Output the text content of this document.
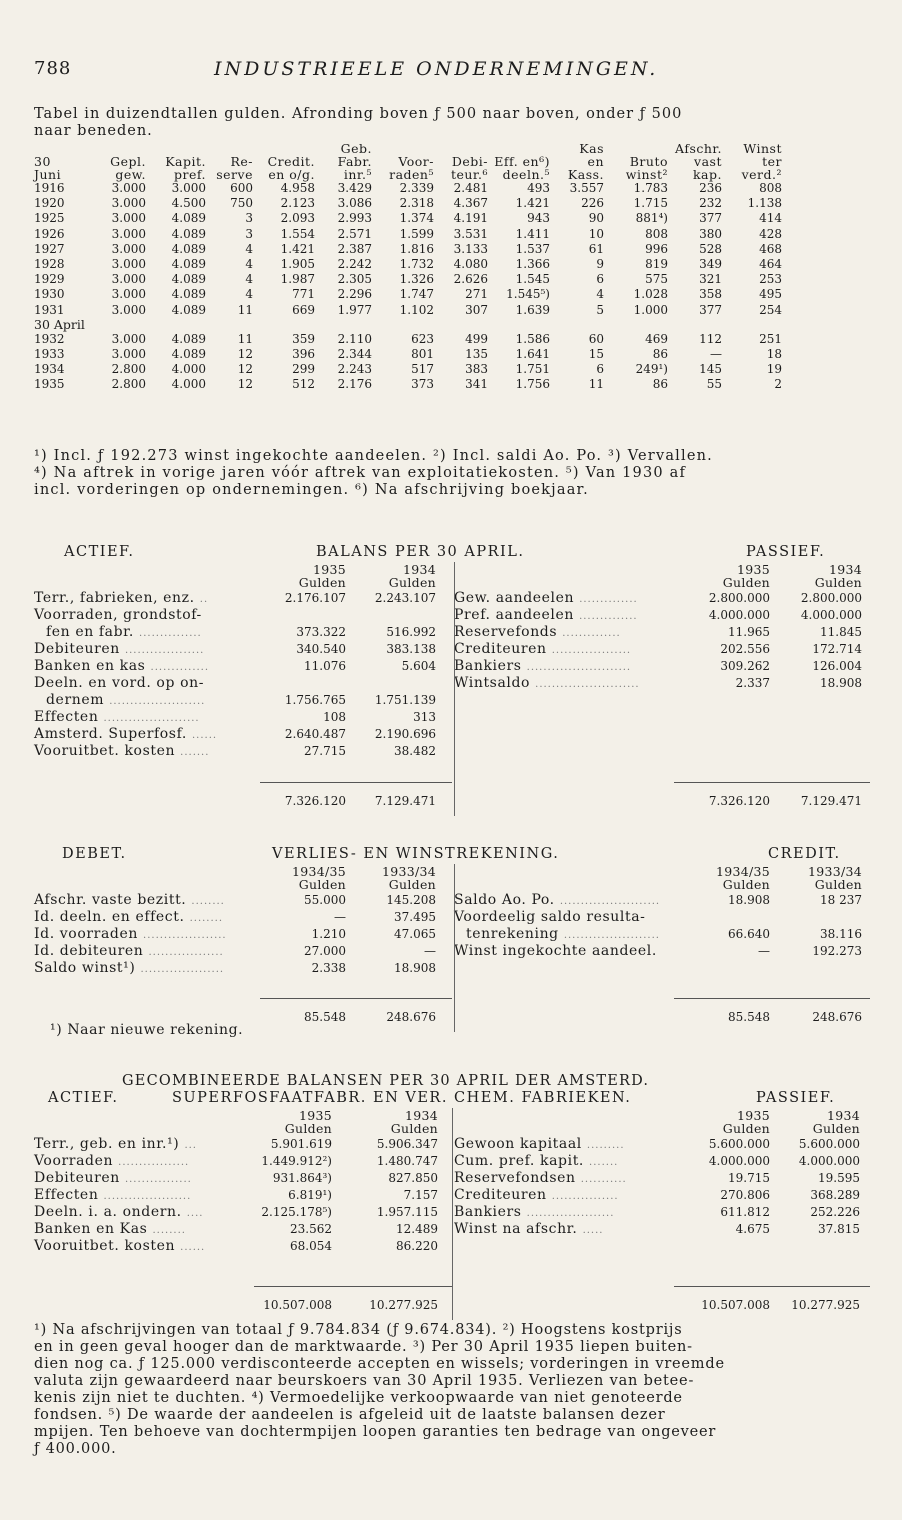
788	INDUSTRIEELE ONDERNEMINGEN.
Tabel in duizendtallen gulden. Afronding boven ƒ 500 naar boven, onder ƒ 500
naar beneden.
Geb.	Kas	Afschr.	Winst
30	Gepl.	Kapit.	Re-	Credit.	Fabr.	Voor-	Debi- Eff. en⁶)	en	Bruto	vast	ter
Juni	gew.	pref. serve	en o/g.	inr.⁵	raden⁵	teur.⁶	deeln.⁵	Kass.	winst²	kap.	verd.²
1916	3.000	3.000	600	4.958	3.429	2.339	2.481	493	3.557	1.783	236	808
1920	3.000	4.500	750	2.123	3.086	2.318	4.367	1.421	226	1.715	232	1.138
1925	3.000	4.089	3	2.093	2.993	1.374	4.191	943	90	881⁴)	377	414
1926	3.000	4.089	3	1.554	2.571	1.599	3.531	1.411	10	808	380	428
1927	3.000	4.089	4	1.421	2.387	1.816	3.133	1.537	61	996	528	468
1928	3.000	4.089	4	1.905	2.242	1.732	4.080	1.366	9	819	349	464
1929	3.000	4.089	4	1.987	2.305	1.326	2.626	1.545	6	575	321	253
1930	3.000	4.089	4	771	2.296	1.747	271	1.545⁵)	4	1.028	358	495
1931	3.000	4.089	11	669	1.977	1.102	307	1.639	5	1.000	377	254
30 April
1932	3.000	4.089	11	359	2.110	623	499	1.586	60	469	112	251
1933	3.000	4.089	12	396	2.344	801	135	1.641	15	86	—	18
1934	2.800	4.000	12	299	2.243	517	383	1.751	6	249¹)	145	19
1935	2.800	4.000	12	512	2.176	373	341	1.756	11	86	55	2
¹) Incl. ƒ 192.273 winst ingekochte aandeelen. ²) Incl. saldi Ao. Po. ³) Vervallen.
⁴) Na aftrek in vorige jaren vóór aftrek van exploitatiekosten. ⁵) Van 1930 af
incl. vorderingen op ondernemingen. ⁶) Na afschrijving boekjaar.
ACTIEF.	BALANS PER 30 APRIL.	PASSIEF.
1935
Gulden
1934
Gulden
1935
Gulden
1934
Gulden
Terr., fabrieken, enz. ..	2.176.107 2.243.107
Voorraden, grondstof-
fen en fabr. ...............	373.322	516.992
Debiteuren ...................	340.540	383.138
Banken en kas ..............	11.076	5.604
Deeln. en vord. op on-
dernem .......................	1.756.765 1.751.139
Effecten .......................	108	313
Amsterd. Superfosf. ......	2.640.487 2.190.696
Vooruitbet. kosten .......	27.715	38.482
Gew. aandeelen ..............	2.800.000	2.800.000
Pref. aandeelen ..............	4.000.000	4.000.000
Reservefonds ..............	11.965	11.845
Crediteuren ...................	202.556	172.714
Bankiers .........................	309.262	126.004
Wintsaldo .........................	2.337	18.908
7.326.120 7.129.471	7.326.120	7.129.471
DEBET.	VERLIES- EN WINSTREKENING.	CREDIT.
1934/35
Gulden
1933/34
Gulden
1934/35
Gulden
1933/34
Gulden
Afschr. vaste bezitt. ........	55.000	145.208
Id. deeln. en effect. ........	—	37.495
Id. voorraden ....................	1.210	47.065
Id. debiteuren ..................	27.000	—
Saldo winst¹) ....................	2.338	18.908
Saldo Ao. Po. ........................	18.908	18 237
Voordeelig saldo resulta-
tenrekening .......................	66.640	38.116
Winst ingekochte aandeel.	—	192.273
85.548	248.676	85.548	248.676
¹) Naar nieuwe rekening.
GECOMBINEERDE BALANSEN PER 30 APRIL DER AMSTERD.
ACTIEF.	SUPERFOSFAATFABR. EN VER. CHEM. FABRIEKEN.	PASSIEF.
1935
Gulden
1934
Gulden
1935
Gulden
1934
Gulden
Terr., geb. en inr.¹) ...	5.901.619	5.906.347
Voorraden .................	1.449.912²)	1.480.747
Debiteuren ................	931.864³)	827.850
Effecten .....................	6.819¹)	7.157
Deeln. i. a. ondern. ....	2.125.178⁵)	1.957.115
Banken en Kas ........	23.562	12.489
Vooruitbet. kosten ......	68.054	86.220
Gewoon kapitaal .........	5.600.000 5.600.000
Cum. pref. kapit. .......	4.000.000 4.000.000
Reservefondsen ...........	19.715	19.595
Crediteuren ................	270.806	368.289
Bankiers .....................	611.812	252.226
Winst na afschr. .....	4.675	37.815
10.507.008	10.277.925	10.507.008 10.277.925
¹) Na afschrijvingen van totaal ƒ 9.784.834 (ƒ 9.674.834). ²) Hoogstens kostprijs
en in geen geval hooger dan de marktwaarde. ³) Per 30 April 1935 liepen buiten-
dien nog ca. ƒ 125.000 verdisconteerde accepten en wissels; vorderingen in vreemde
valuta zijn gewaardeerd naar beurskoers van 30 April 1935. Verliezen van betee-
kenis zijn niet te duchten. ⁴) Vermoedelijke verkoopwaarde van niet genoteerde
fondsen. ⁵) De waarde der aandeelen is afgeleid uit de laatste balansen dezer
mpijen. Ten behoeve van dochtermpijen loopen garanties ten bedrage van ongeveer
ƒ 400.000.
